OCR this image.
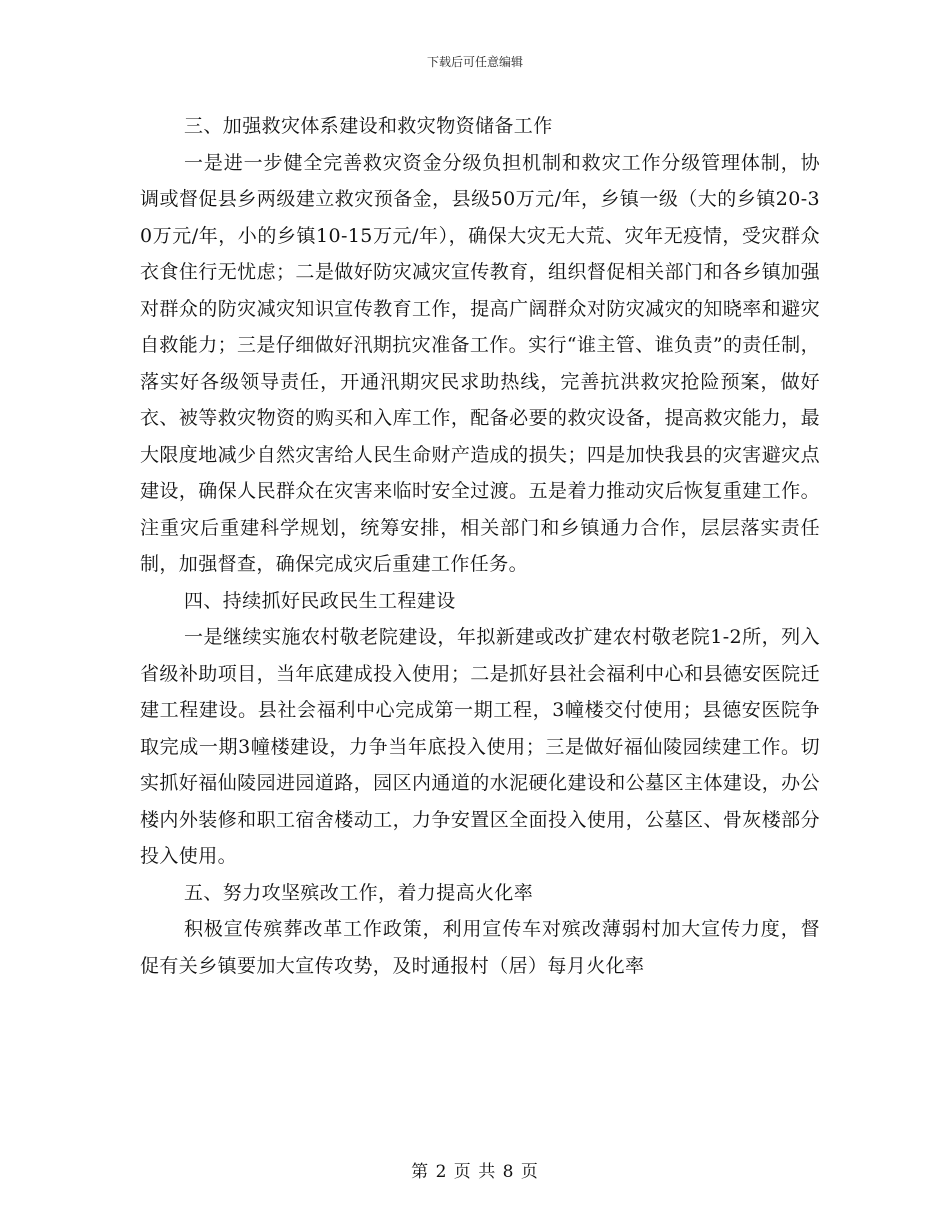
下载后可任意编辑

三、加强救灾体系建设和救灾物资储备工作

一是进一步健全完善救灾资金分级负担机制和救灾工作分级管理体制，协调或督促县乡两级建立救灾预备金，县级50万元/年，乡镇一级（大的乡镇20-30万元/年，小的乡镇10-15万元/年），确保大灾无大荒、灾年无疫情，受灾群众衣食住行无忧虑；二是做好防灾减灾宣传教育，组织督促相关部门和各乡镇加强对群众的防灾减灾知识宣传教育工作，提高广阔群众对防灾减灾的知晓率和避灾自救能力；三是仔细做好汛期抗灾准备工作。实行“谁主管、谁负责”的责任制，落实好各级领导责任，开通汛期灾民求助热线，完善抗洪救灾抢险预案，做好衣、被等救灾物资的购买和入库工作，配备必要的救灾设备，提高救灾能力，最大限度地减少自然灾害给人民生命财产造成的损失；四是加快我县的灾害避灾点建设，确保人民群众在灾害来临时安全过渡。五是着力推动灾后恢复重建工作。注重灾后重建科学规划，统筹安排，相关部门和乡镇通力合作，层层落实责任制，加强督查，确保完成灾后重建工作任务。

四、持续抓好民政民生工程建设

一是继续实施农村敬老院建设，年拟新建或改扩建农村敬老院1-2所，列入省级补助项目，当年底建成投入使用；二是抓好县社会福利中心和县德安医院迁建工程建设。县社会福利中心完成第一期工程，3幢楼交付使用；县德安医院争取完成一期3幢楼建设，力争当年底投入使用；三是做好福仙陵园续建工作。切实抓好福仙陵园进园道路，园区内通道的水泥硬化建设和公墓区主体建设，办公楼内外装修和职工宿舍楼动工，力争安置区全面投入使用，公墓区、骨灰楼部分投入使用。

五、努力攻坚殡改工作，着力提高火化率

积极宣传殡葬改革工作政策，利用宣传车对殡改薄弱村加大宣传力度，督促有关乡镇要加大宣传攻势，及时通报村（居）每月火化率

第 2 页 共 8 页
